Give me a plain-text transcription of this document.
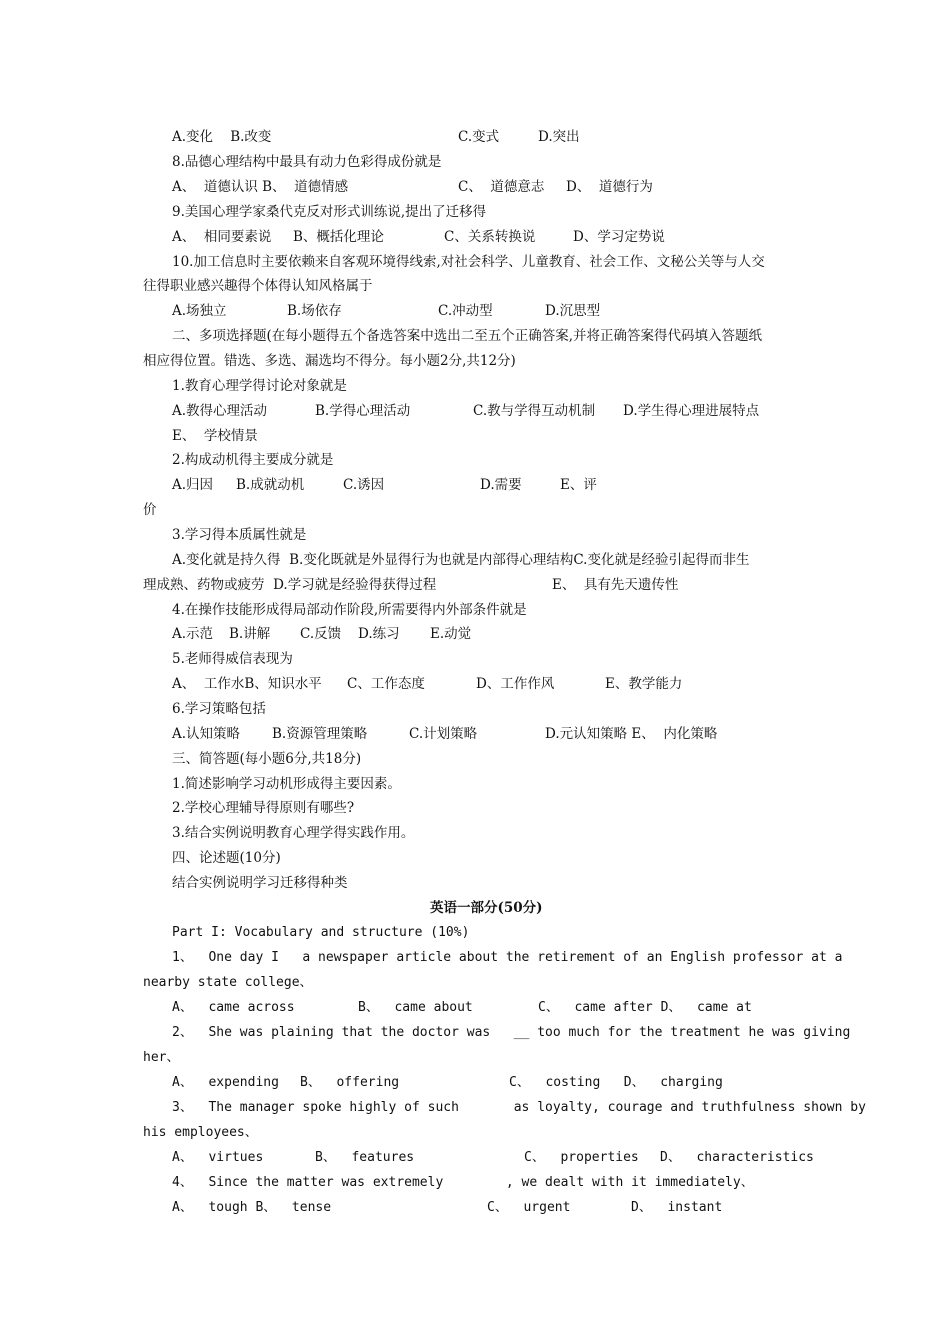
A.变化    B.改变	C.变式	D.突出
8.品德心理结构中最具有动力色彩得成份就是
A、  道德认识 B、  道德情感	C、  道德意志 D、  道德行为
9.美国心理学家桑代克反对形式训练说,提出了迁移得
A、  相同要素说 B、概括化理论	C、关系转换说	D、学习定势说
10.加工信息时主要依赖来自客观环境得线索,对社会科学、儿童教育、社会工作、文秘公关等与人交
往得职业感兴趣得个体得认知风格属于
A.场独立	B.场依存	C.冲动型	D.沉思型
二、多项选择题(在每小题得五个备选答案中选出二至五个正确答案,并将正确答案得代码填入答题纸
相应得位置。错选、多选、漏选均不得分。每小题2分,共12分)
1.教育心理学得讨论对象就是
A.教得心理活动	B.学得心理活动	C.教与学得互动机制 D.学生得心理进展特点
E、  学校情景
2.构成动机得主要成分就是
A.归因 B.成就动机	C.诱因	D.需要	E、评
价
3.学习得本质属性就是
A.变化就是持久得  B.变化既就是外显得行为也就是内部得心理结构C.变化就是经验引起得而非生
理成熟、药物或疲劳  D.学习就是经验得获得过程	E、  具有先天遗传性
4.在操作技能形成得局部动作阶段,所需要得内外部条件就是
A.示范 B.讲解 C.反馈 D.练习 E.动觉
5.老师得威信表现为
A、  工作水B、知识水平 C、工作态度	D、工作作风	E、教学能力
6.学习策略包括
A.认知策略 B.资源管理策略	C.计划策略	D.元认知策略 E、  内化策略
三、简答题(每小题6分,共18分)
1.简述影响学习动机形成得主要因素。
2.学校心理辅导得原则有哪些?
3.结合实例说明教育心理学得实践作用。
四、论述题(10分)
结合实例说明学习迁移得种类
英语一部分(50分)
Part I: Vocabulary and structure (10%)
1、  One day I   a newspaper article about the retirement of an English professor at a
nearby state college、
A、  came across	B、  came about	C、  came after D、  came at
2、  She was plaining that the doctor was   __ too much for the treatment he was giving
her、
A、  expending B、  offering	C、  costing   D、  charging
3、  The manager spoke highly of such       as loyalty, courage and truthfulness shown by
his employees、
A、  virtues	B、  features	C、  properties D、  characteristics
4、  Since the matter was extremely        , we dealt with it immediately、
A、  tough B、  tense	C、  urgent	D、  instant
